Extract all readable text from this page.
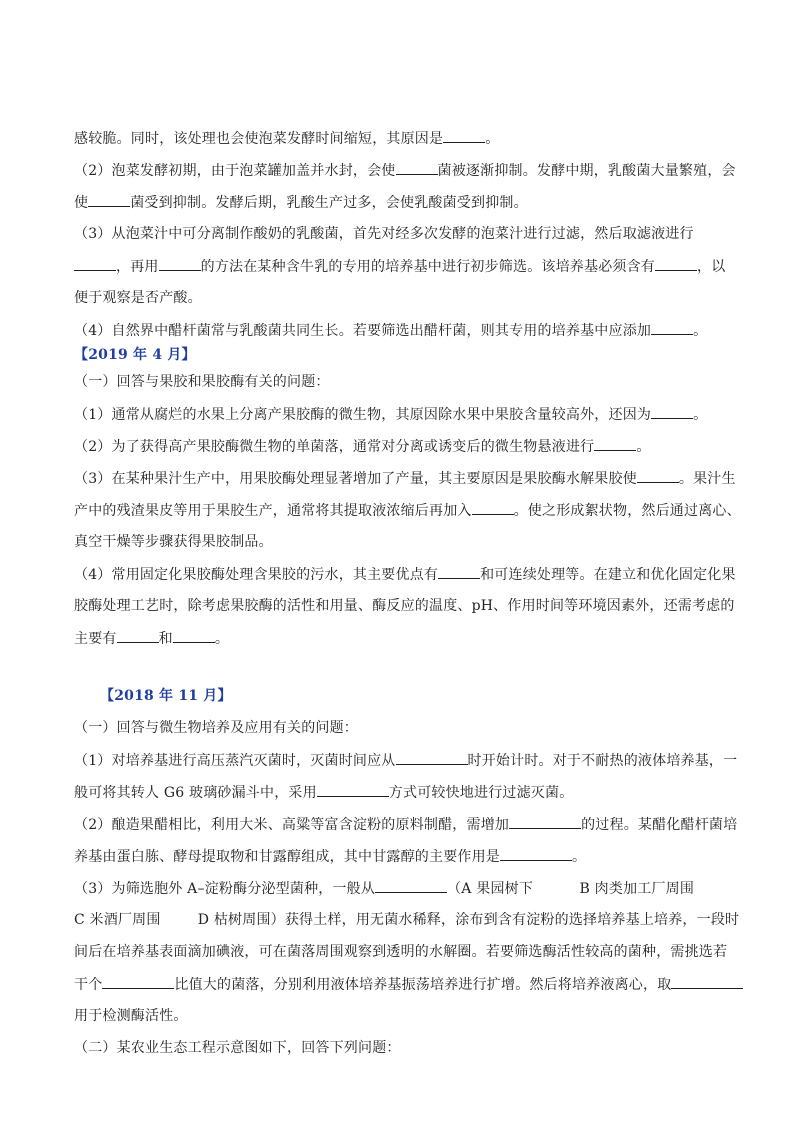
感较脆。同时，该处理也会使泡菜发酵时间缩短，其原因是	。
（2）泡菜发酵初期，由于泡菜罐加盖并水封，会使	菌被逐渐抑制。发酵中期，乳酸菌大量繁殖，会
使	菌受到抑制。发酵后期，乳酸生产过多，会使乳酸菌受到抑制。
（3）从泡菜汁中可分离制作酸奶的乳酸菌，首先对经多次发酵的泡菜汁进行过滤，然后取滤液进行
，再用	的方法在某种含牛乳的专用的培养基中进行初步筛选。该培养基必须含有	，以
便于观察是否产酸。
（4）自然界中醋杆菌常与乳酸菌共同生长。若要筛选出醋杆菌，则其专用的培养基中应添加	。
【2019 年 4 月】
（一）回答与果胶和果胶酶有关的问题：
（1）通常从腐烂的水果上分离产果胶酶的微生物，其原因除水果中果胶含量较高外，还因为	。
（2）为了获得高产果胶酶微生物的单菌落，通常对分离或诱变后的微生物悬液进行	。
（3）在某种果汁生产中，用果胶酶处理显著增加了产量，其主要原因是果胶酶水解果胶使	。果汁生
产中的残渣果皮等用于果胶生产，通常将其提取液浓缩后再加入	。使之形成絮状物，然后通过离心、
真空干燥等步骤获得果胶制品。
（4）常用固定化果胶酶处理含果胶的污水，其主要优点有	和可连续处理等。在建立和优化固定化果
胶酶处理工艺时，除考虑果胶酶的活性和用量、酶反应的温度、pH、作用时间等环境因素外，还需考虑的
主要有	和	。
【2018 年 11 月】
（一）回答与微生物培养及应用有关的问题：
（1）对培养基进行高压蒸汽灭菌时，灭菌时间应从	时开始计时。对于不耐热的液体培养基，一
般可将其转人 G6 玻璃砂漏斗中，采用	方式可较快地进行过滤灭菌。
（2）酿造果醋相比，利用大米、高粱等富含淀粉的原料制醋，需增加	的过程。某醋化醋杆菌培
养基由蛋白胨、酵母提取物和甘露醇组成，其中甘露醇的主要作用是	。
（3）为筛选胞外 A–淀粉酶分泌型菌种，一般从	（A 果园树下          B 肉类加工厂周围
C 米酒厂周围        D 枯树周围）获得土样，用无菌水稀释，涂布到含有淀粉的选择培养基上培养，一段时
间后在培养基表面滴加碘液，可在菌落周围观察到透明的水解圈。若要筛选酶活性较高的菌种，需挑选若
干个	比值大的菌落，分别利用液体培养基振荡培养进行扩增。然后将培养液离心，取
用于检测酶活性。
（二）某农业生态工程示意图如下，回答下列问题：
